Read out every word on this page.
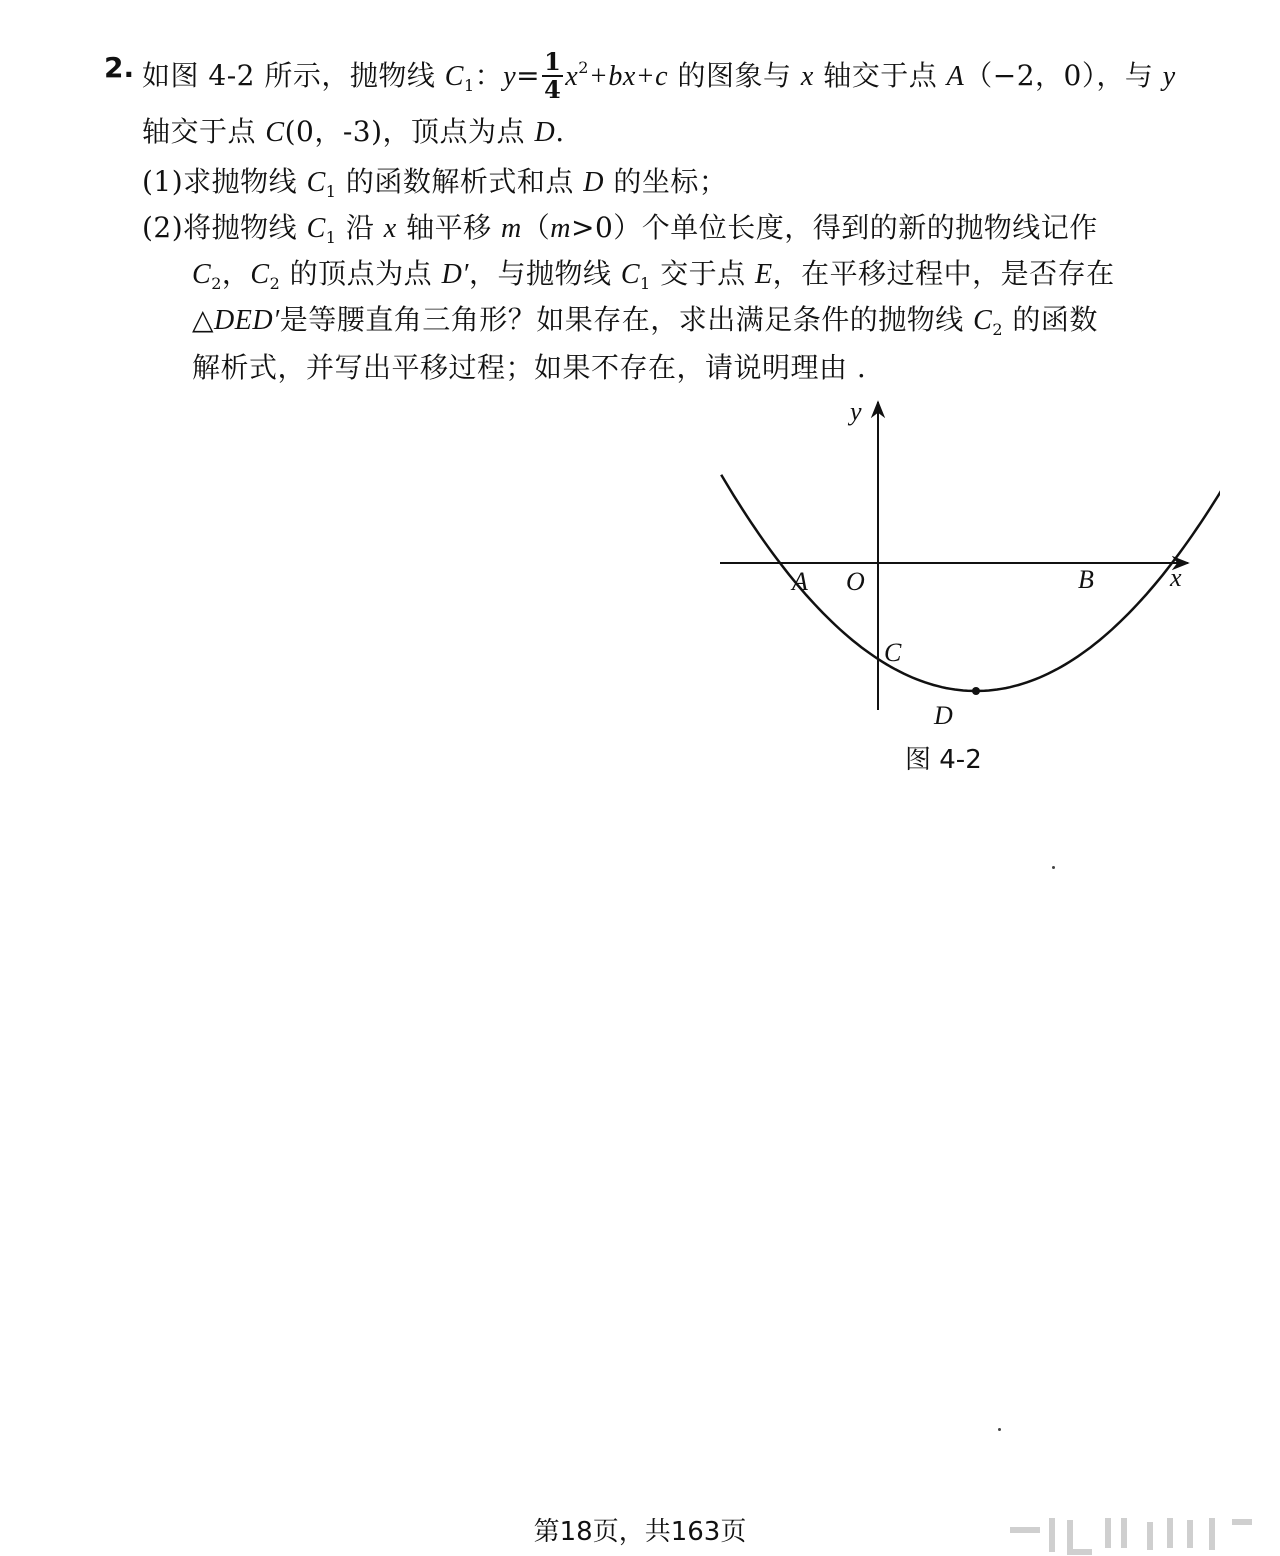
2. 如图 4-2 所示，抛物线 $C_1$：$y= \frac{1}{4} x^2+bx+c$ 的图象与 x 轴交于点 A（−2，0），与 y
轴交于点 C(0，-3)，顶点为点 D.
(1)求抛物线 $C_1$ 的函数解析式和点 D 的坐标；
(2)将抛物线 $C_1$ 沿 x 轴平移 m（m>0）个单位长度，得到的新的抛物线记作
$C_2$，$C_2$ 的顶点为点 D′，与抛物线 $C_1$ 交于点 E，在平移过程中，是否存在
△DED′是等腰直角三角形？如果存在，求出满足条件的抛物线 $C_2$ 的函数
解析式，并写出平移过程；如果不存在，请说明理由 .
y
x
A O	B
C
D
图 4-2
第18页，共163页
